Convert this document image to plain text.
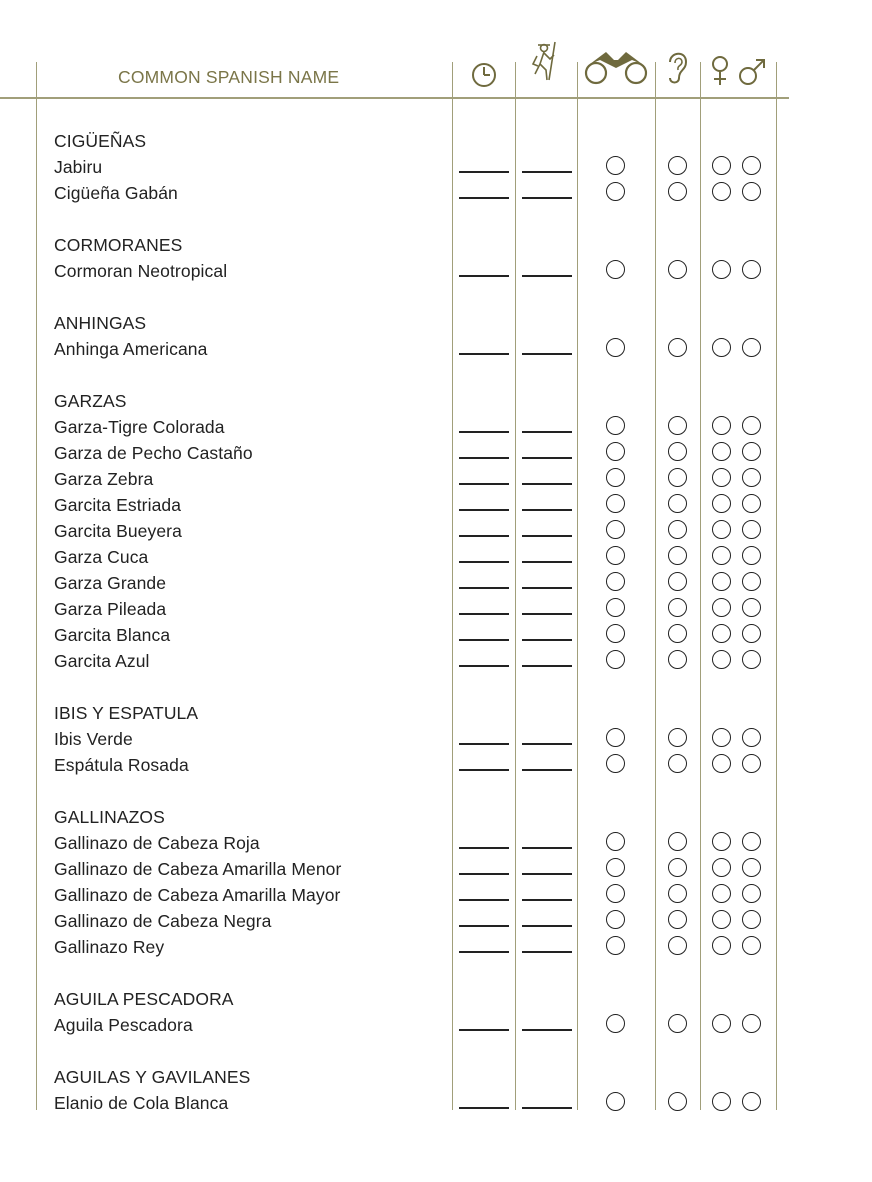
COMMON SPANISH NAME
CIGÜEÑAS
Jabiru
Cigüeña Gabán
CORMORANES
Cormoran Neotropical
ANHINGAS
Anhinga Americana
GARZAS
Garza-Tigre Colorada
Garza de Pecho Castaño
Garza Zebra
Garcita Estriada
Garcita Bueyera
Garza Cuca
Garza Grande
Garza Pileada
Garcita Blanca
Garcita Azul
IBIS Y ESPATULA
Ibis Verde
Espátula Rosada
GALLINAZOS
Gallinazo de Cabeza Roja
Gallinazo de Cabeza Amarilla Menor
Gallinazo de Cabeza Amarilla Mayor
Gallinazo de Cabeza Negra
Gallinazo Rey
AGUILA PESCADORA
Aguila Pescadora
AGUILAS Y GAVILANES
Elanio de Cola Blanca
